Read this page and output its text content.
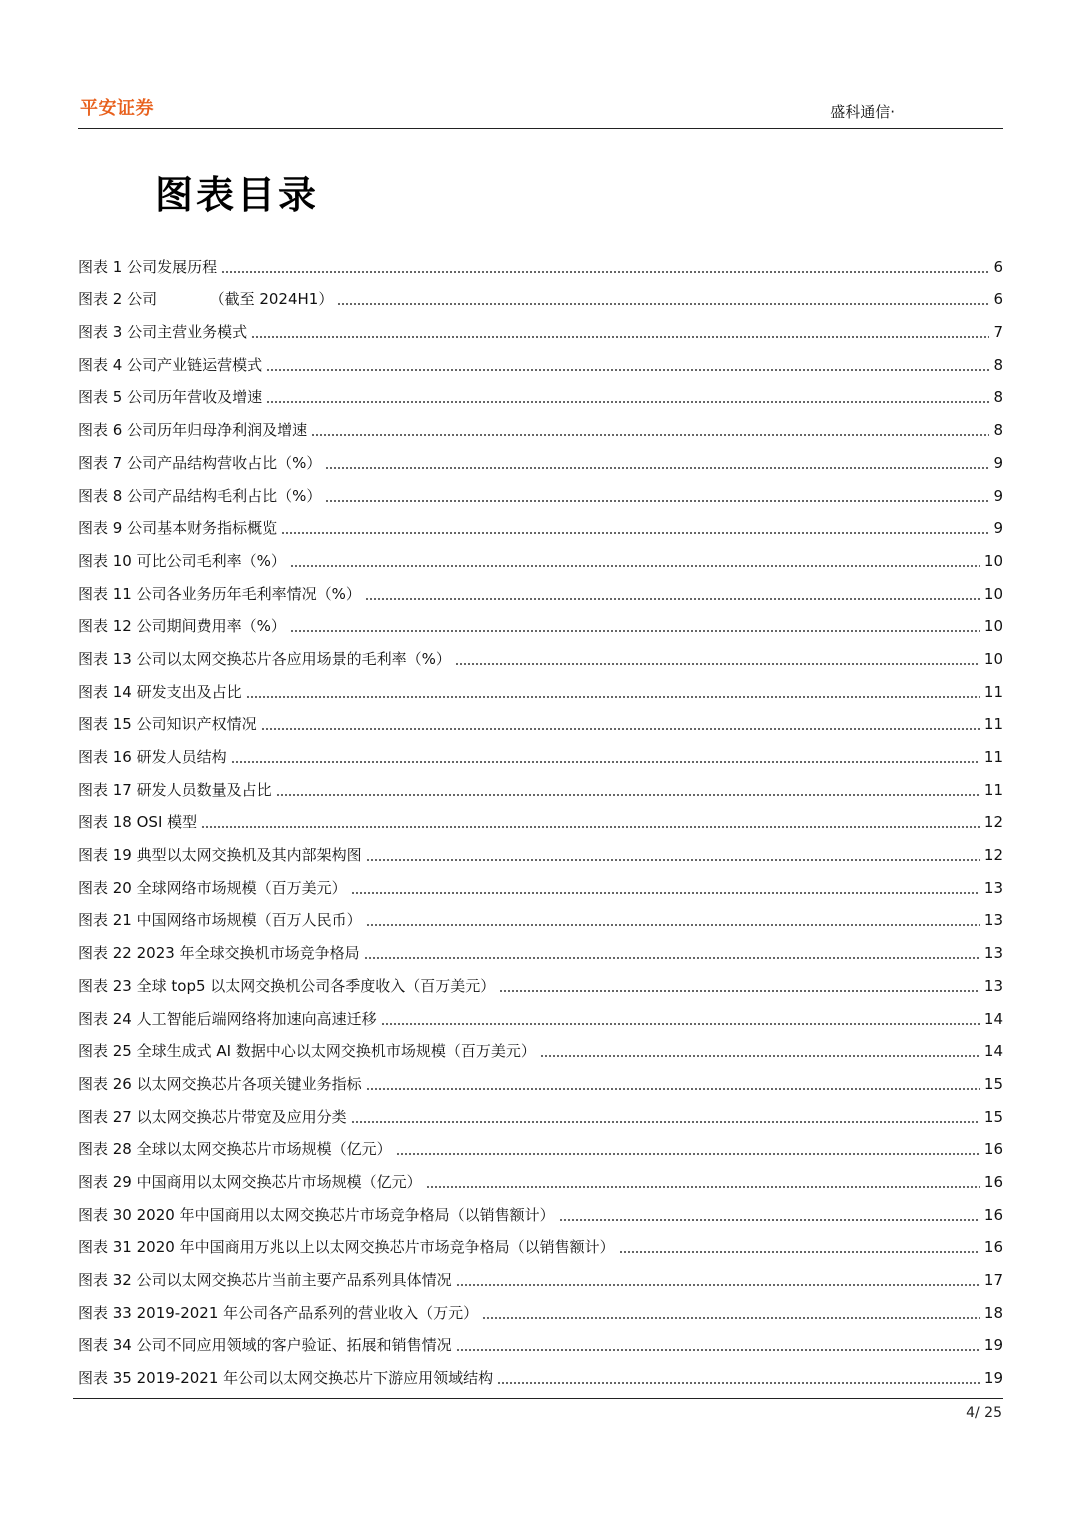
平安证券	盛科通信·
图表目录
图表 1 公司发展历程	6
图表 2 公司　　　　（截至 2024H1）	6
图表 3 公司主营业务模式	7
图表 4 公司产业链运营模式	8
图表 5 公司历年营收及增速	8
图表 6 公司历年归母净利润及增速	8
图表 7 公司产品结构营收占比（%）	9
图表 8 公司产品结构毛利占比（%）	9
图表 9 公司基本财务指标概览	9
图表 10 可比公司毛利率（%）	10
图表 11 公司各业务历年毛利率情况（%）	10
图表 12 公司期间费用率（%）	10
图表 13 公司以太网交换芯片各应用场景的毛利率（%）	10
图表 14 研发支出及占比	11
图表 15 公司知识产权情况	11
图表 16 研发人员结构	11
图表 17 研发人员数量及占比	11
图表 18 OSI 模型	12
图表 19 典型以太网交换机及其内部架构图	12
图表 20 全球网络市场规模（百万美元）	13
图表 21 中国网络市场规模（百万人民币）	13
图表 22 2023 年全球交换机市场竞争格局	13
图表 23 全球 top5 以太网交换机公司各季度收入（百万美元）	13
图表 24 人工智能后端网络将加速向高速迁移	14
图表 25 全球生成式 AI 数据中心以太网交换机市场规模（百万美元）	14
图表 26 以太网交换芯片各项关键业务指标	15
图表 27 以太网交换芯片带宽及应用分类	15
图表 28 全球以太网交换芯片市场规模（亿元）	16
图表 29 中国商用以太网交换芯片市场规模（亿元）	16
图表 30 2020 年中国商用以太网交换芯片市场竞争格局（以销售额计）	16
图表 31 2020 年中国商用万兆以上以太网交换芯片市场竞争格局（以销售额计）	16
图表 32 公司以太网交换芯片当前主要产品系列具体情况	17
图表 33 2019-2021 年公司各产品系列的营业收入（万元）	18
图表 34 公司不同应用领域的客户验证、拓展和销售情况	19
图表 35 2019-2021 年公司以太网交换芯片下游应用领域结构	19
4/ 25
